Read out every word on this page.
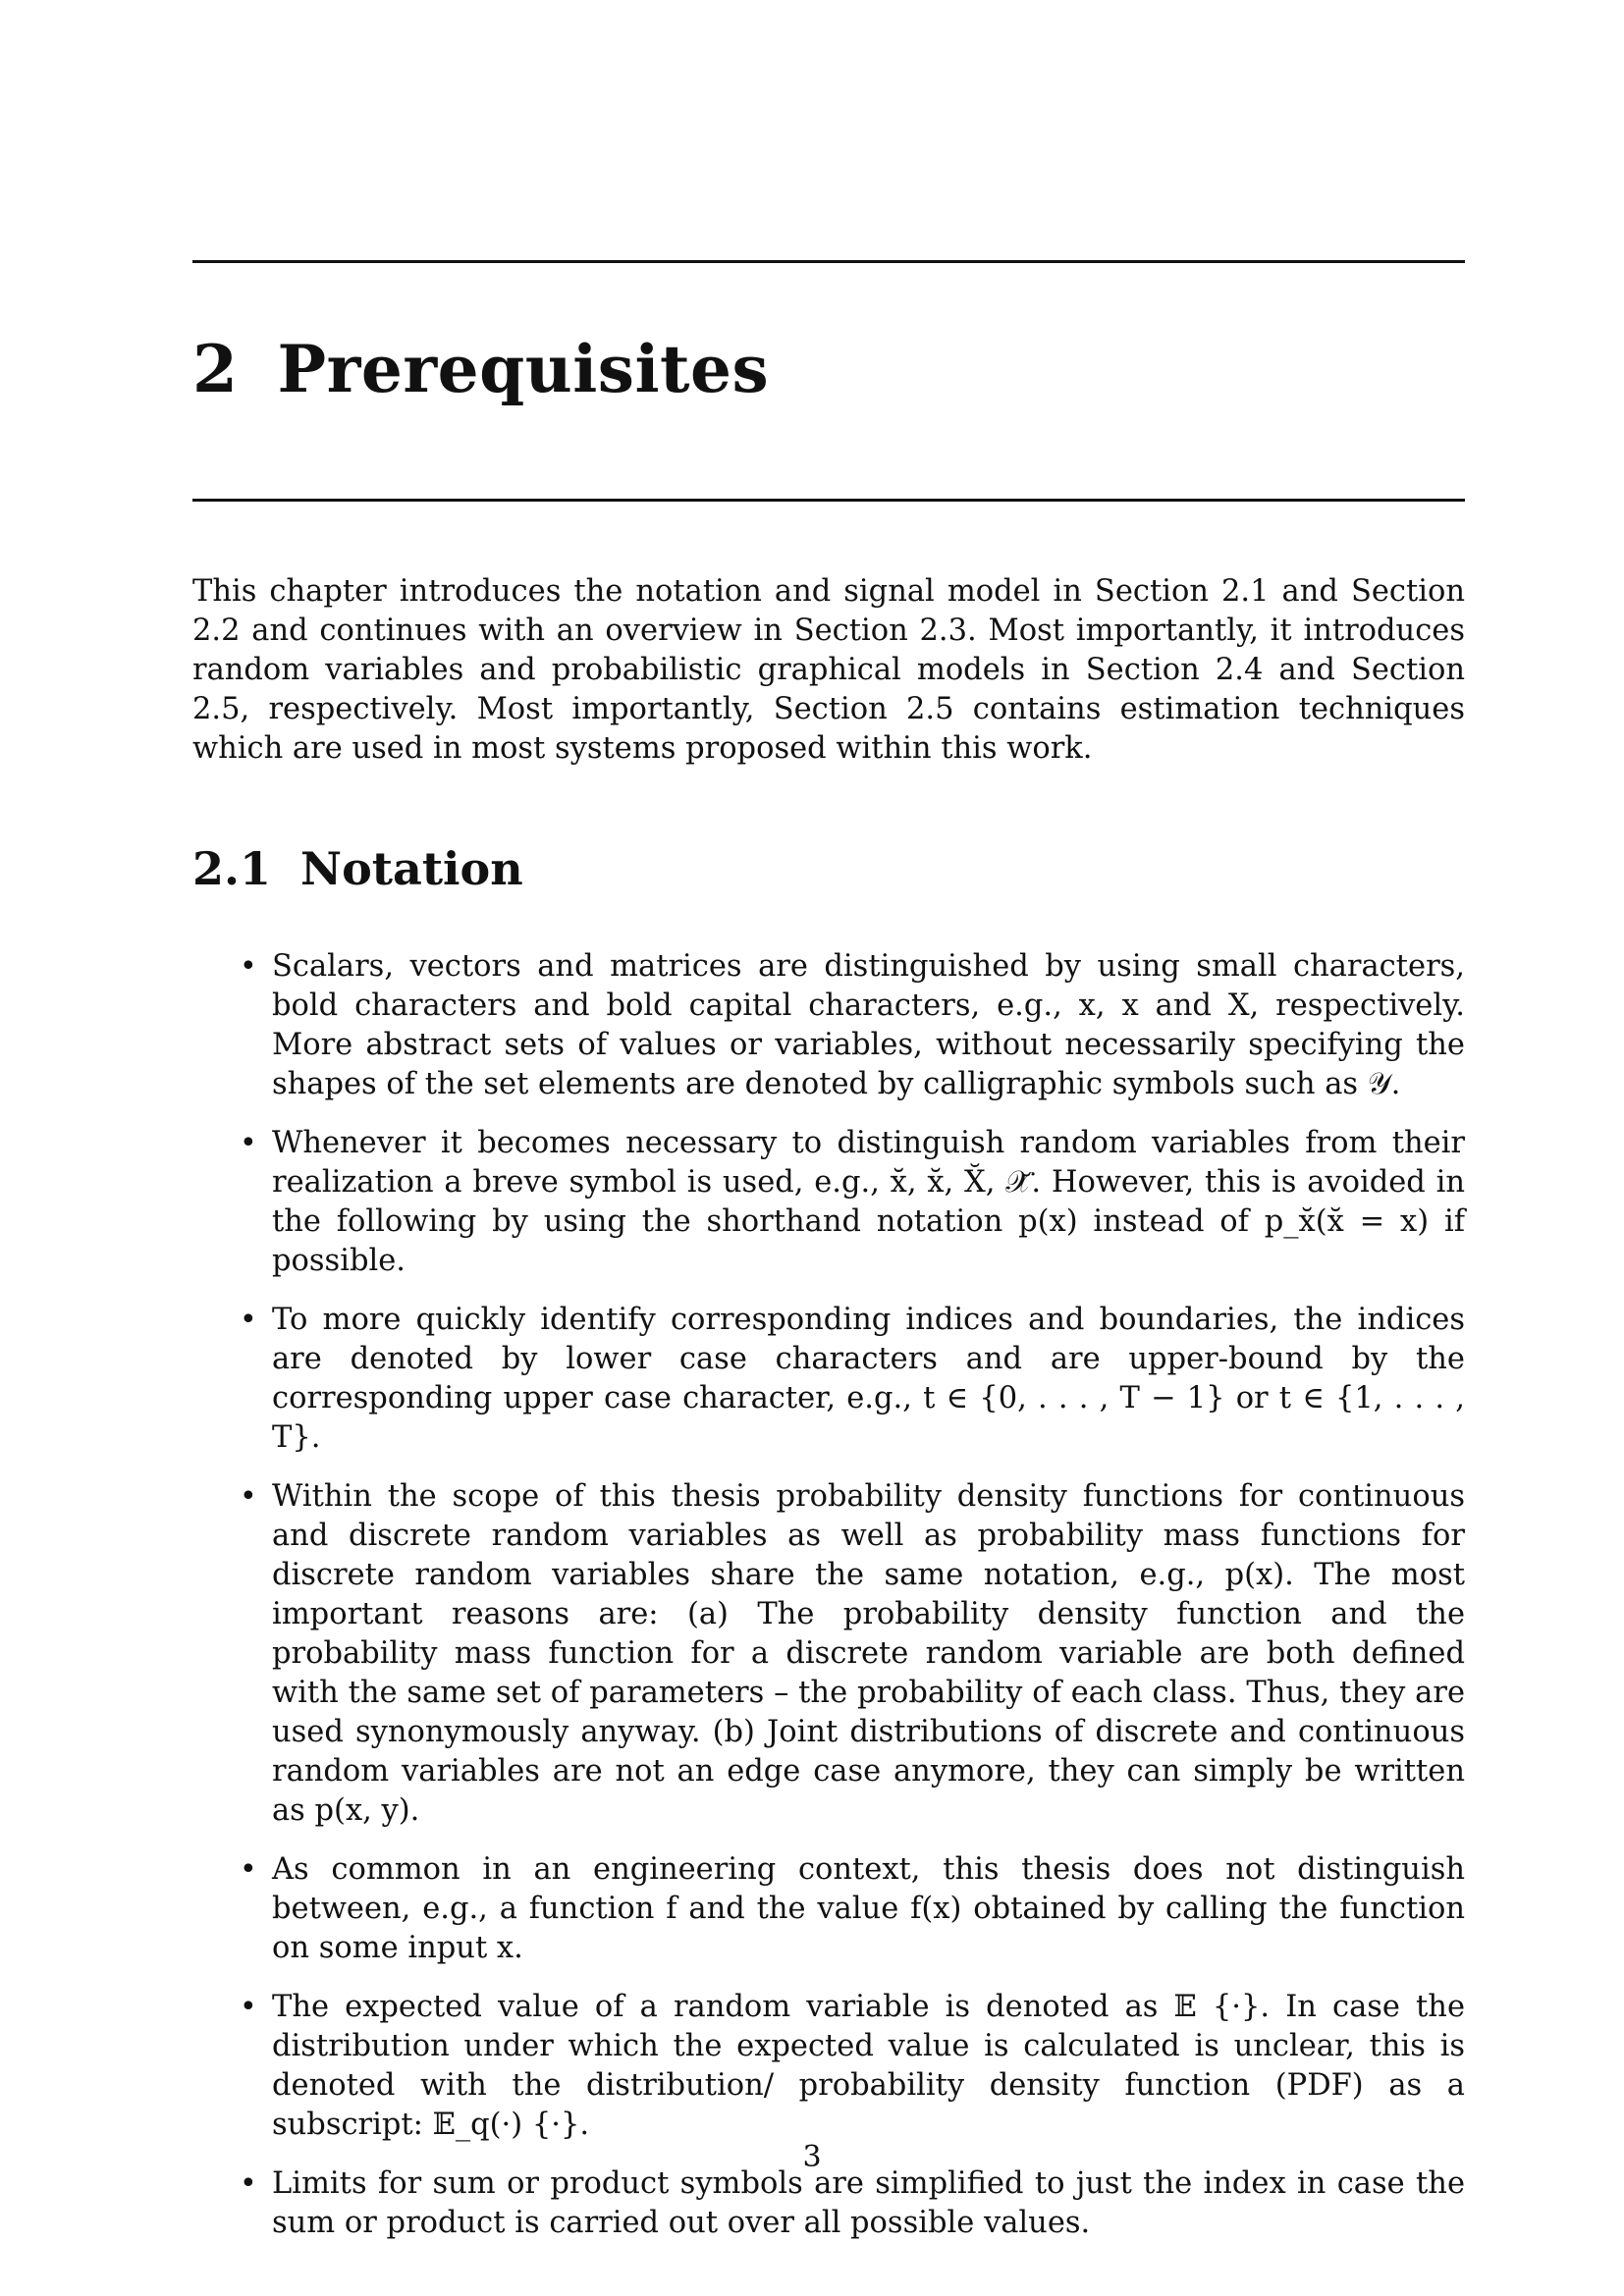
2 Prerequisites

This chapter introduces the notation and signal model in Section 2.1 and Section 2.2 and continues with an overview in Section 2.3. Most importantly, it introduces random variables and probabilistic graphical models in Section 2.4 and Section 2.5, respectively. Most importantly, Section 2.5 contains estimation techniques which are used in most systems proposed within this work.

2.1 Notation
• Scalars, vectors and matrices are distinguished by using small characters, bold characters and bold capital characters, e.g., x, x and X, respectively. More abstract sets of values or variables, without necessarily specifying the shapes of the set elements are denoted by calligraphic symbols such as 𝒴.
• Whenever it becomes necessary to distinguish random variables from their realization a breve symbol is used, e.g., x̆, x̆, X̆, 𝒳̆. However, this is avoided in the following by using the shorthand notation p(x) instead of p_x̆(x̆ = x) if possible.
• To more quickly identify corresponding indices and boundaries, the indices are denoted by lower case characters and are upper-bound by the corresponding upper case character, e.g., t ∈ {0, . . . , T − 1} or t ∈ {1, . . . , T}.
• Within the scope of this thesis probability density functions for continuous and discrete random variables as well as probability mass functions for discrete random variables share the same notation, e.g., p(x). The most important reasons are: (a) The probability density function and the probability mass function for a discrete random variable are both defined with the same set of parameters – the probability of each class. Thus, they are used synonymously anyway. (b) Joint distributions of discrete and continuous random variables are not an edge case anymore, they can simply be written as p(x, y).
• As common in an engineering context, this thesis does not distinguish between, e.g., a function f and the value f(x) obtained by calling the function on some input x.
• The expected value of a random variable is denoted as 𝔼 {·}. In case the distribution under which the expected value is calculated is unclear, this is denoted with the distribution/ probability density function (PDF) as a subscript: 𝔼_q(·) {·}.
• Limits for sum or product symbols are simplified to just the index in case the sum or product is carried out over all possible values.
3
